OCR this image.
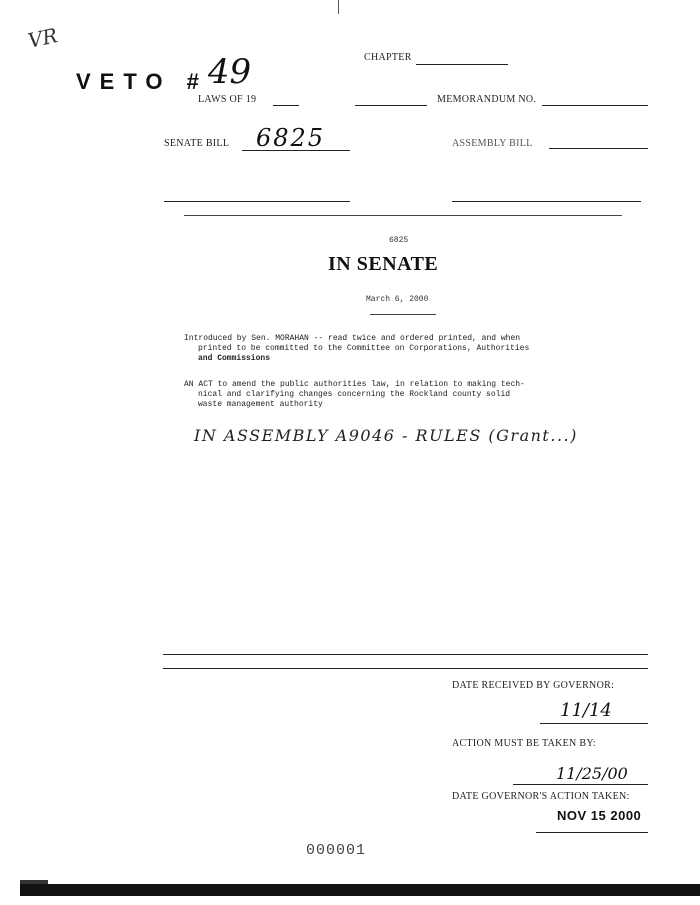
VR
VETO # 49	CHAPTER
LAWS OF 19	MEMORANDUM NO.
SENATE BILL 6825	ASSEMBLY BILL
6825
IN SENATE
March 6, 2000
Introduced by Sen. MORAHAN -- read twice and ordered printed, and when
printed to be committed to the Committee on Corporations, Authorities
and Commissions
AN ACT to amend the public authorities law, in relation to making tech-
nical and clarifying changes concerning the Rockland county solid
waste management authority
IN ASSEMBLY A9046 - RULES (Grant...)
DATE RECEIVED BY GOVERNOR:
11/14
ACTION MUST BE TAKEN BY:
11/25/00
DATE GOVERNOR'S ACTION TAKEN:
NOV 15 2000
000001
